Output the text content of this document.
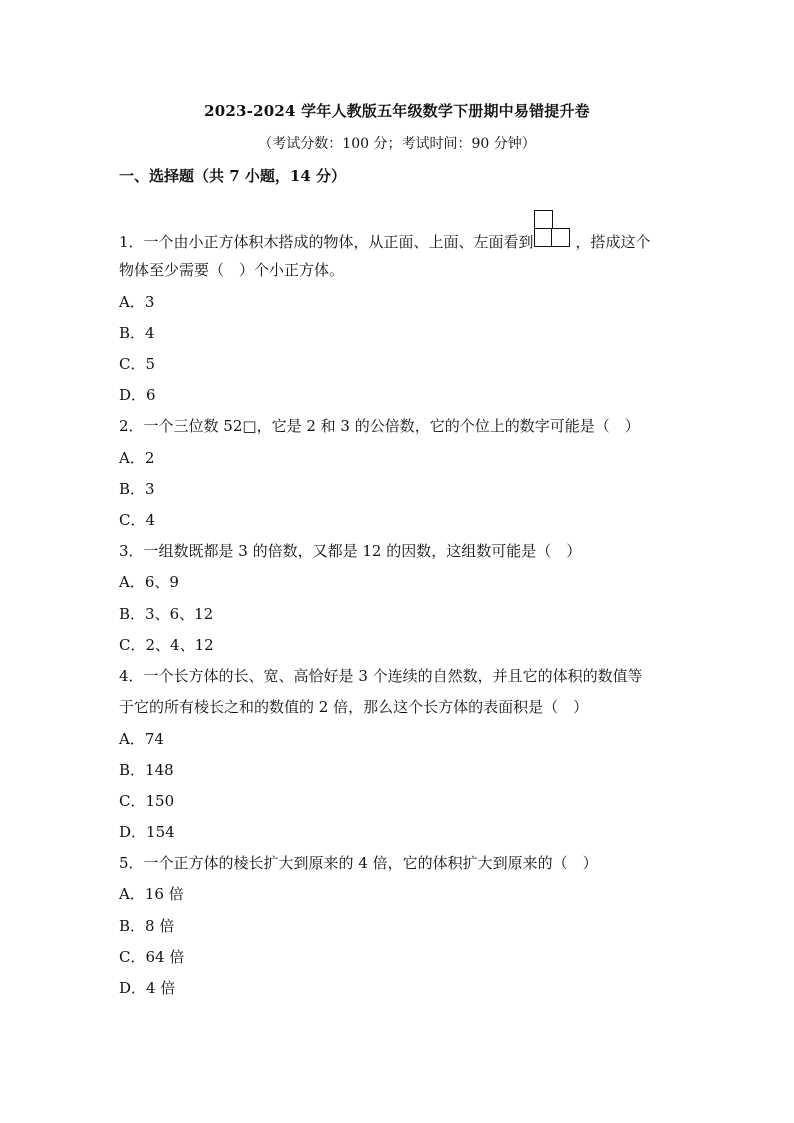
2023-2024 学年人教版五年级数学下册期中易错提升卷
（考试分数：100 分；考试时间：90 分钟）
一、选择题（共 7 小题，14 分）
1．一个由小正方体积木搭成的物体，从正面、上面、左面看到	，搭成这个
物体至少需要（　）个小正方体。
A．3
B．4
C．5
D．6
2．一个三位数 52□，它是 2 和 3 的公倍数，它的个位上的数字可能是（　）
A．2
B．3
C．4
3．一组数既都是 3 的倍数，又都是 12 的因数，这组数可能是（　）
A．6、9
B．3、6、12
C．2、4、12
4．一个长方体的长、宽、高恰好是 3 个连续的自然数，并且它的体积的数值等
于它的所有棱长之和的数值的 2 倍，那么这个长方体的表面积是（　）
A．74
B．148
C．150
D．154
5．一个正方体的棱长扩大到原来的 4 倍，它的体积扩大到原来的（　）
A．16 倍
B．8 倍
C．64 倍
D．4 倍
